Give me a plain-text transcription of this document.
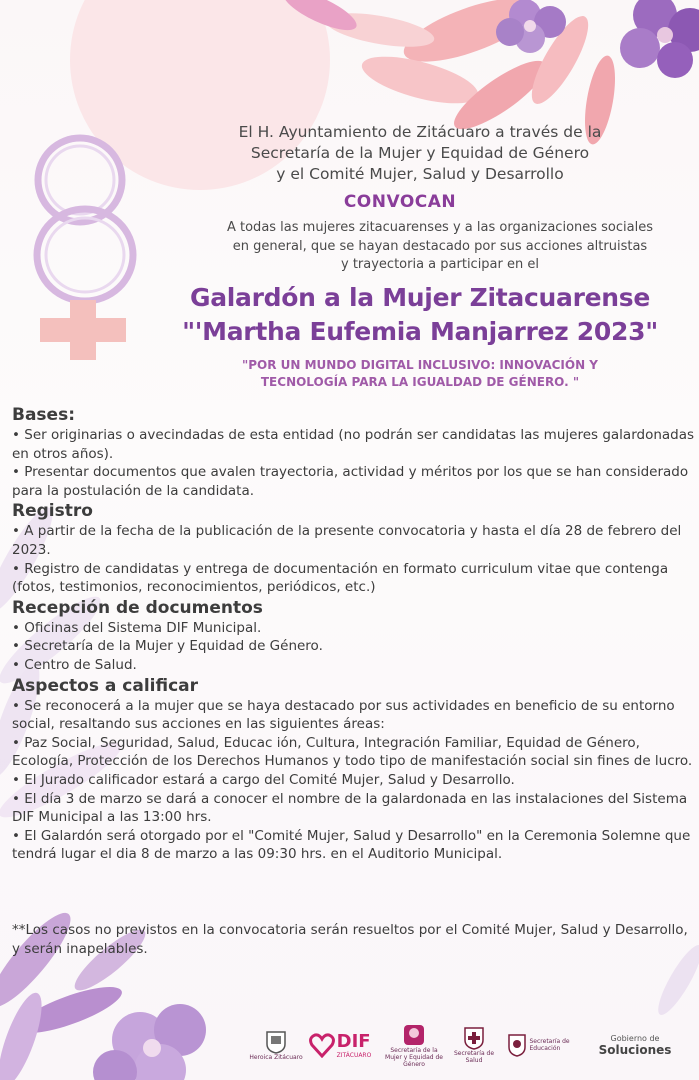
El H. Ayuntamiento de Zitácuaro a través de la
Secretaría de la Mujer y Equidad de Género
y el Comité Mujer, Salud y Desarrollo
CONVOCAN
A todas las mujeres zitacuarenses y a las organizaciones sociales
en general, que se hayan destacado por sus acciones altruistas
y trayectoria a participar en el
Galardón a la Mujer Zitacuarense
"'Martha Eufemia Manjarrez 2023"
"POR UN MUNDO DIGITAL INCLUSIVO: INNOVACIÓN Y
TECNOLOGÍA PARA LA IGUALDAD DE GÉNERO. "

Bases:

• Ser originarias o avecindadas de esta entidad (no podrán ser candidatas las mujeres galardonadas en otros años).

• Presentar documentos que avalen trayectoria, actividad y méritos por los que se han considerado para la postulación de la candidata.

Registro

• A partir de la fecha de la publicación de la presente convocatoria y hasta el día 28 de febrero del 2023.

• Registro de candidatas y entrega de documentación en formato curriculum vitae que contenga (fotos, testimonios, reconocimientos, periódicos, etc.)

Recepción de documentos

• Oficinas del Sistema DIF Municipal.

• Secretaría de la Mujer y Equidad de Género.

• Centro de Salud.

Aspectos a calificar

• Se reconocerá a la mujer que se haya destacado por sus actividades en beneficio de su entorno social, resaltando sus acciones en las siguientes áreas:

• Paz Social, Seguridad, Salud, Educac ión, Cultura, Integración Familiar, Equidad de Género, Ecología, Protección de los Derechos Humanos y todo tipo de manifestación social sin fines de lucro.

• El Jurado calificador estará a cargo del Comité Mujer, Salud y Desarrollo.

• El día 3 de marzo se dará a conocer el nombre de la galardonada en las instalaciones del Sistema DIF Municipal a las 13:00 hrs.

• El Galardón será otorgado por el "Comité Mujer, Salud y Desarrollo" en la Ceremonia Solemne que tendrá lugar el dia 8 de marzo a las 09:30 hrs. en el Auditorio Municipal.

**Los casos no previstos en la convocatoria serán resueltos por el Comité Mujer, Salud y Desarrollo, y serán inapelables.
Heroica Zitácuaro
DIF
ZITÁCUARO
Secretaría de la Mujer y Equidad de Género
Secretaría de Salud
Secretaría de Educación
Gobierno de
Soluciones
